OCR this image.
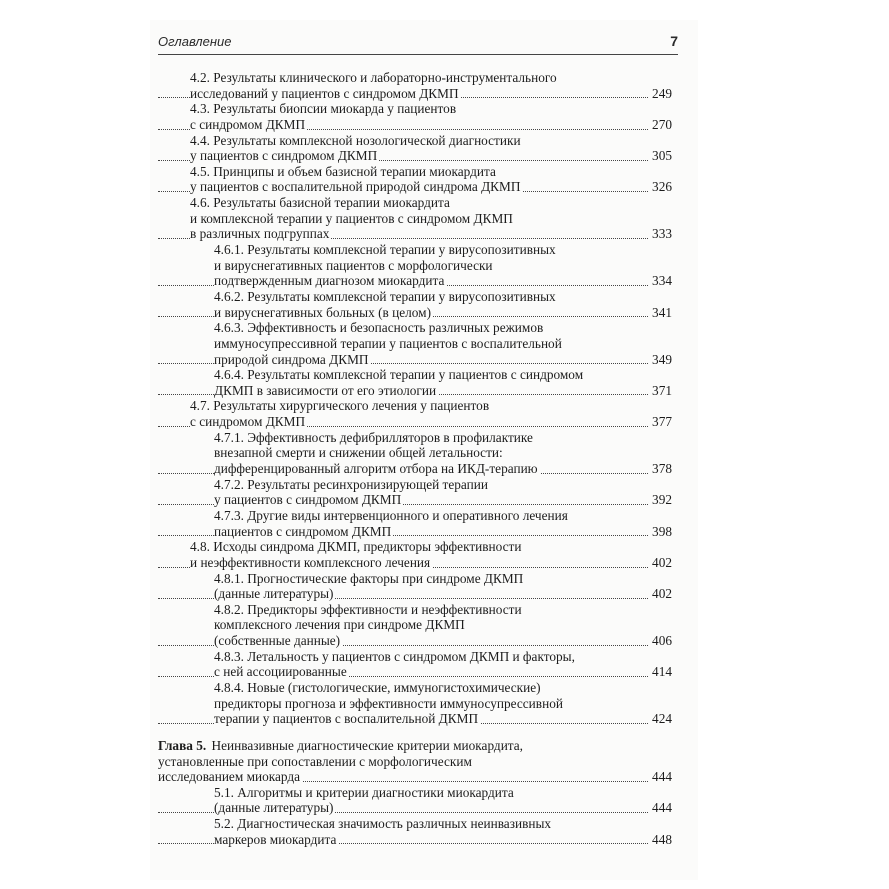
Оглавление	7
4.2. Результаты клинического и лабораторно-инструментального
исследований у пациентов с синдромом ДКМП	249
4.3. Результаты биопсии миокарда у пациентов
с синдромом ДКМП	270
4.4. Результаты комплексной нозологической диагностики
у пациентов с синдромом ДКМП	305
4.5. Принципы и объем базисной терапии миокардита
у пациентов с воспалительной природой синдрома ДКМП	326
4.6. Результаты базисной терапии миокардита
и комплексной терапии у пациентов с синдромом ДКМП
в различных подгруппах	333
4.6.1. Результаты комплексной терапии у вирусопозитивных
и вируснегативных пациентов с морфологически
подтвержденным диагнозом миокардита	334
4.6.2. Результаты комплексной терапии у вирусопозитивных
и вируснегативных больных (в целом)	341
4.6.3. Эффективность и безопасность различных режимов
иммуносупрессивной терапии у пациентов с воспалительной
природой синдрома ДКМП	349
4.6.4. Результаты комплексной терапии у пациентов с синдромом
ДКМП в зависимости от его этиологии	371
4.7. Результаты хирургического лечения у пациентов
с синдромом ДКМП	377
4.7.1. Эффективность дефибрилляторов в профилактике
внезапной смерти и снижении общей летальности:
дифференцированный алгоритм отбора на ИКД-терапию	378
4.7.2. Результаты ресинхронизирующей терапии
у пациентов с синдромом ДКМП	392
4.7.3. Другие виды интервенционного и оперативного лечения
пациентов с синдромом ДКМП	398
4.8. Исходы синдрома ДКМП, предикторы эффективности
и неэффективности комплексного лечения	402
4.8.1. Прогностические факторы при синдроме ДКМП
(данные литературы)	402
4.8.2. Предикторы эффективности и неэффективности
комплексного лечения при синдроме ДКМП
(собственные данные)	406
4.8.3. Летальность у пациентов с синдромом ДКМП и факторы,
с ней ассоциированные	414
4.8.4. Новые (гистологические, иммуногистохимические)
предикторы прогноза и эффективности иммуносупрессивной
терапии у пациентов с воспалительной ДКМП	424
Глава 5. Неинвазивные диагностические критерии миокардита,
установленные при сопоставлении с морфологическим
исследованием миокарда	444
5.1. Алгоритмы и критерии диагностики миокардита
(данные литературы)	444
5.2. Диагностическая значимость различных неинвазивных
маркеров миокардита	448
